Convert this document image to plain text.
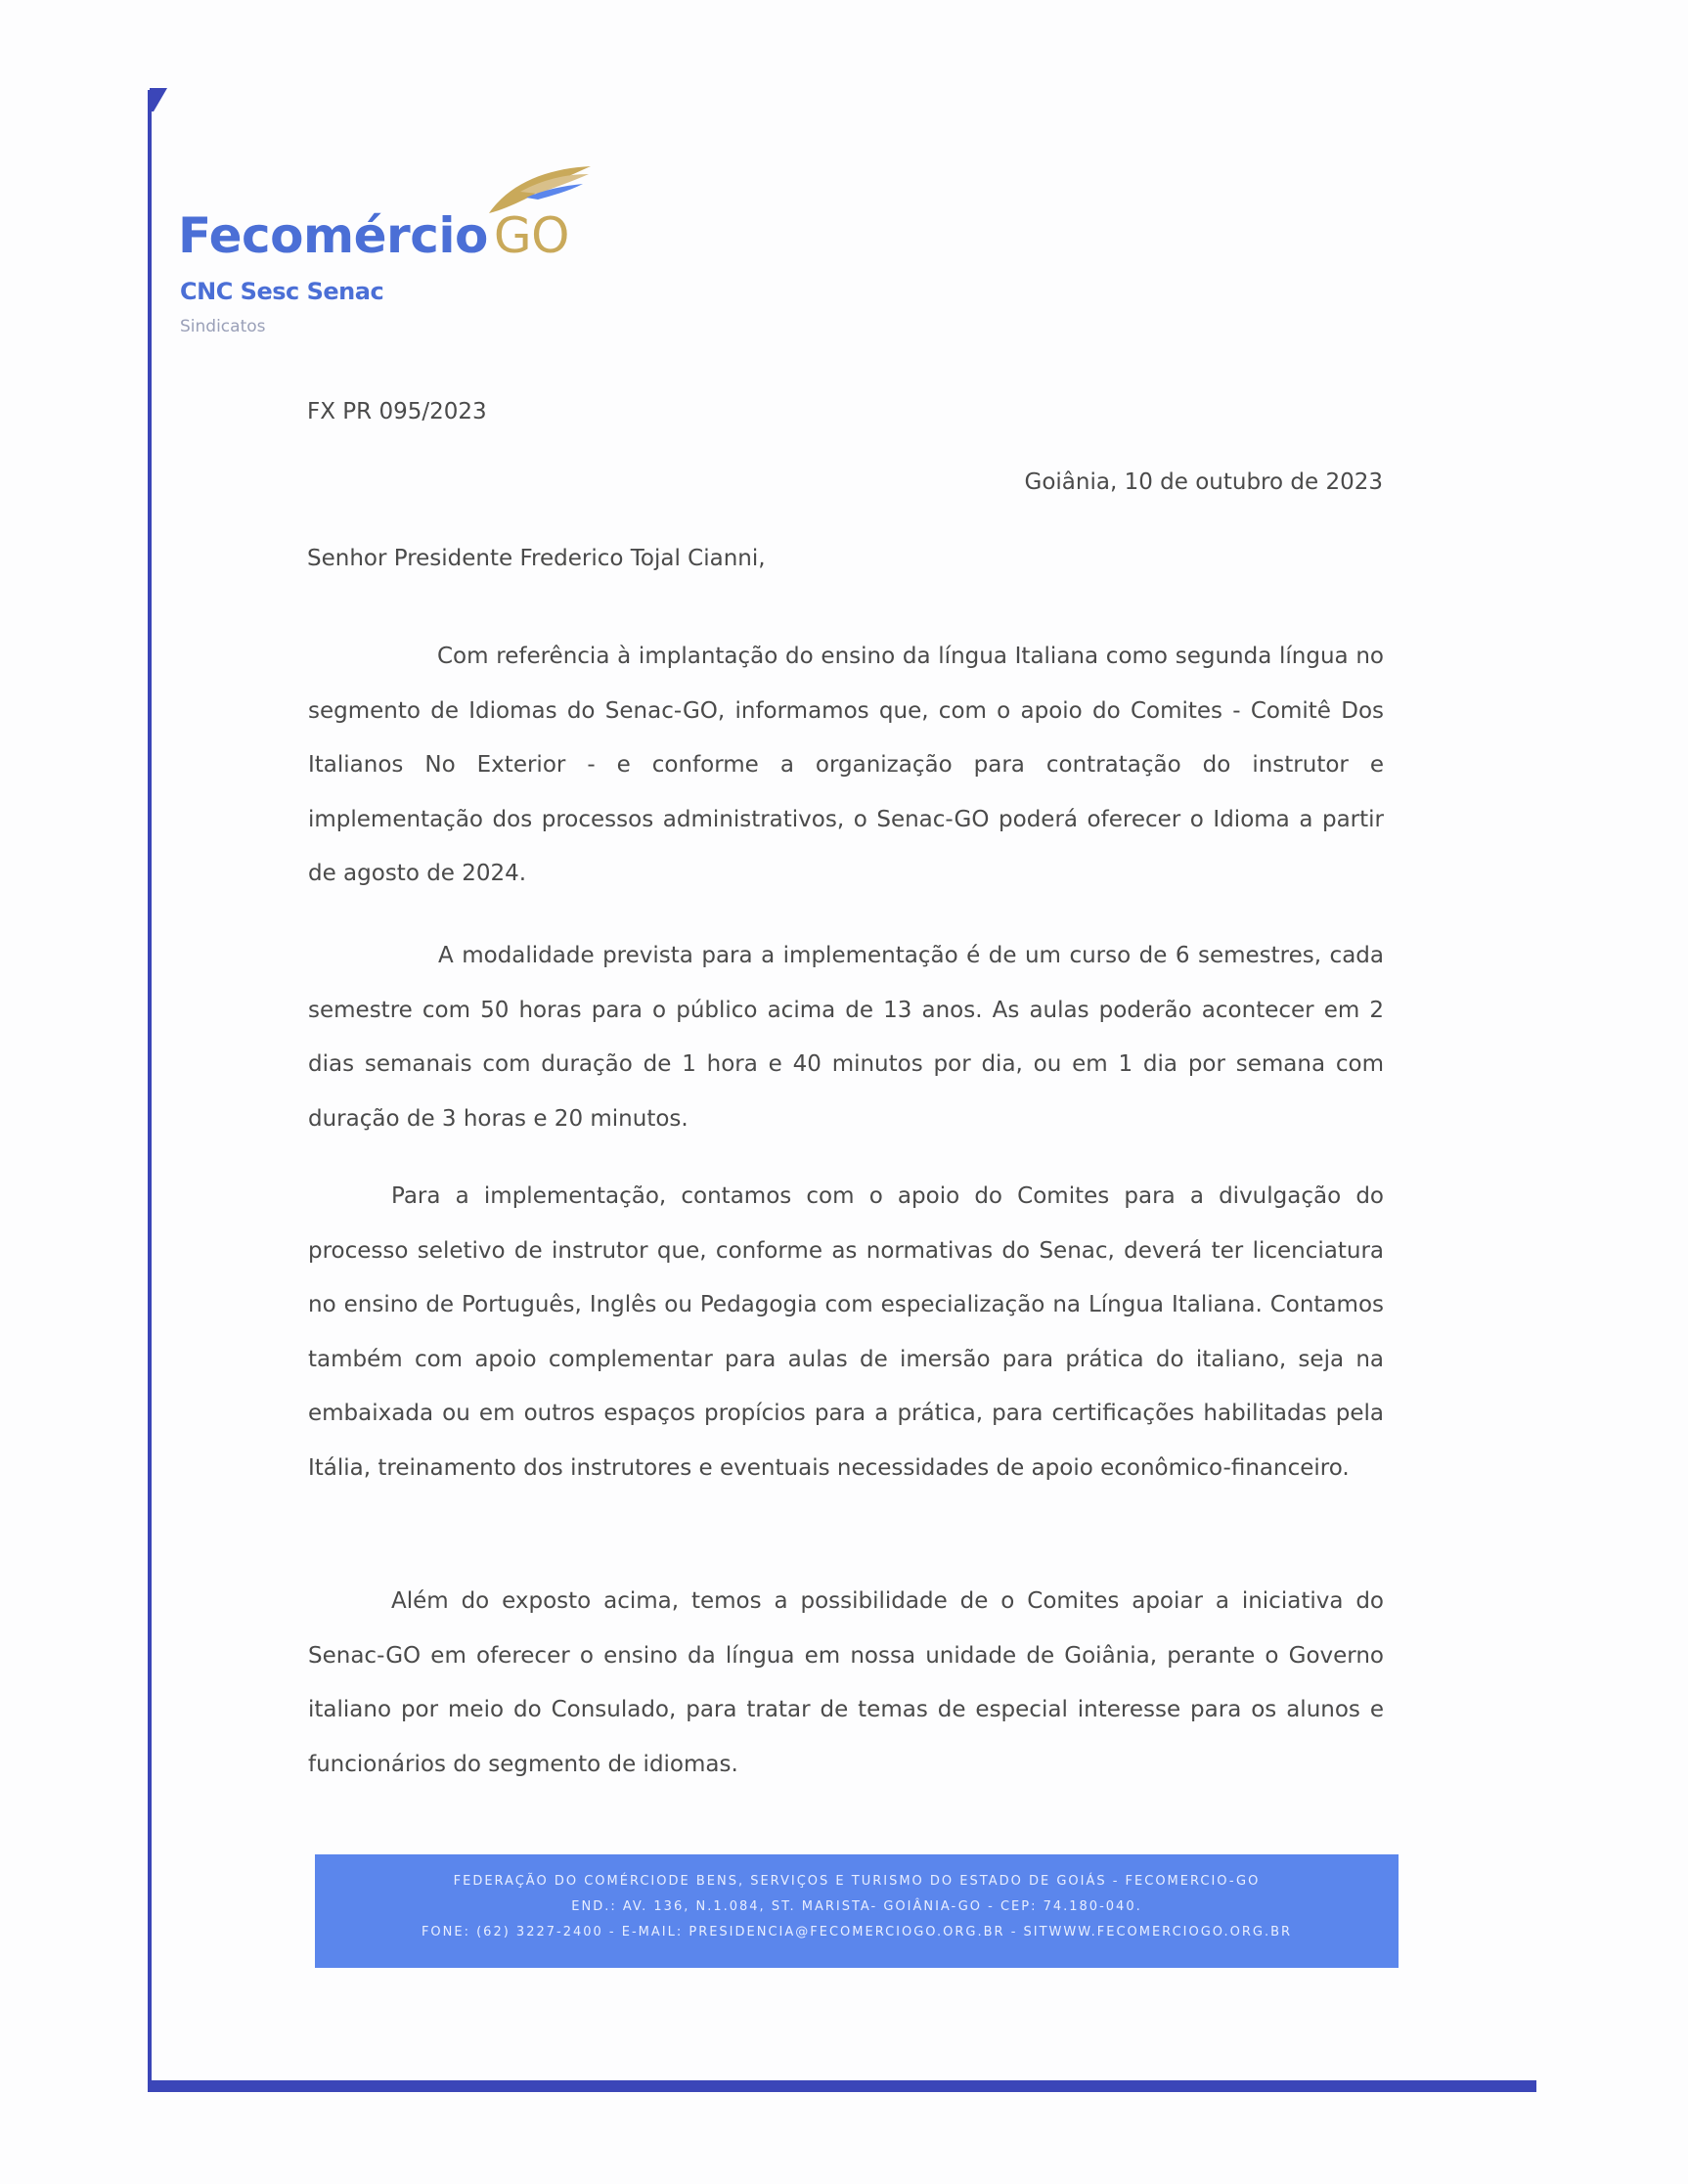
Fecomércio GO
CNC Sesc Senac
Sindicatos
FX PR 095/2023
Goiânia, 10 de outubro de 2023
Senhor Presidente Frederico Tojal Cianni,

Com referência à implantação do ensino da língua Italiana como segunda língua no segmento de Idiomas do Senac-GO, informamos que, com o apoio do Comites - Comitê Dos Italianos No Exterior - e conforme a organização para contratação do instrutor e implementação dos processos administrativos, o Senac-GO poderá oferecer o Idioma a partir de agosto de 2024.

A modalidade prevista para a implementação é de um curso de 6 semestres, cada semestre com 50 horas para o público acima de 13 anos. As aulas poderão acontecer em 2 dias semanais com duração de 1 hora e 40 minutos por dia, ou em 1 dia por semana com duração de 3 horas e 20 minutos.

Para a implementação, contamos com o apoio do Comites para a divulgação do processo seletivo de instrutor que, conforme as normativas do Senac, deverá ter licenciatura no ensino de Português, Inglês ou Pedagogia com especialização na Língua Italiana. Contamos também com apoio complementar para aulas de imersão para prática do italiano, seja na embaixada ou em outros espaços propícios para a prática, para certificações habilitadas pela Itália, treinamento dos instrutores e eventuais necessidades de apoio econômico-financeiro.

Além do exposto acima, temos a possibilidade de o Comites apoiar a iniciativa do Senac-GO em oferecer o ensino da língua em nossa unidade de Goiânia, perante o Governo italiano por meio do Consulado, para tratar de temas de especial interesse para os alunos e funcionários do segmento de idiomas.

FEDERAÇÃO DO COMÉRCIODE BENS, SERVIÇOS E TURISMO DO ESTADO DE GOIÁS - FECOMERCIO-GO
END.: AV. 136, N.1.084, ST. MARISTA- GOIÂNIA-GO - CEP: 74.180-040.
FONE: (62) 3227-2400 - E-MAIL: PRESIDENCIA@FECOMERCIOGO.ORG.BR - SITWWW.FECOMERCIOGO.ORG.BR
